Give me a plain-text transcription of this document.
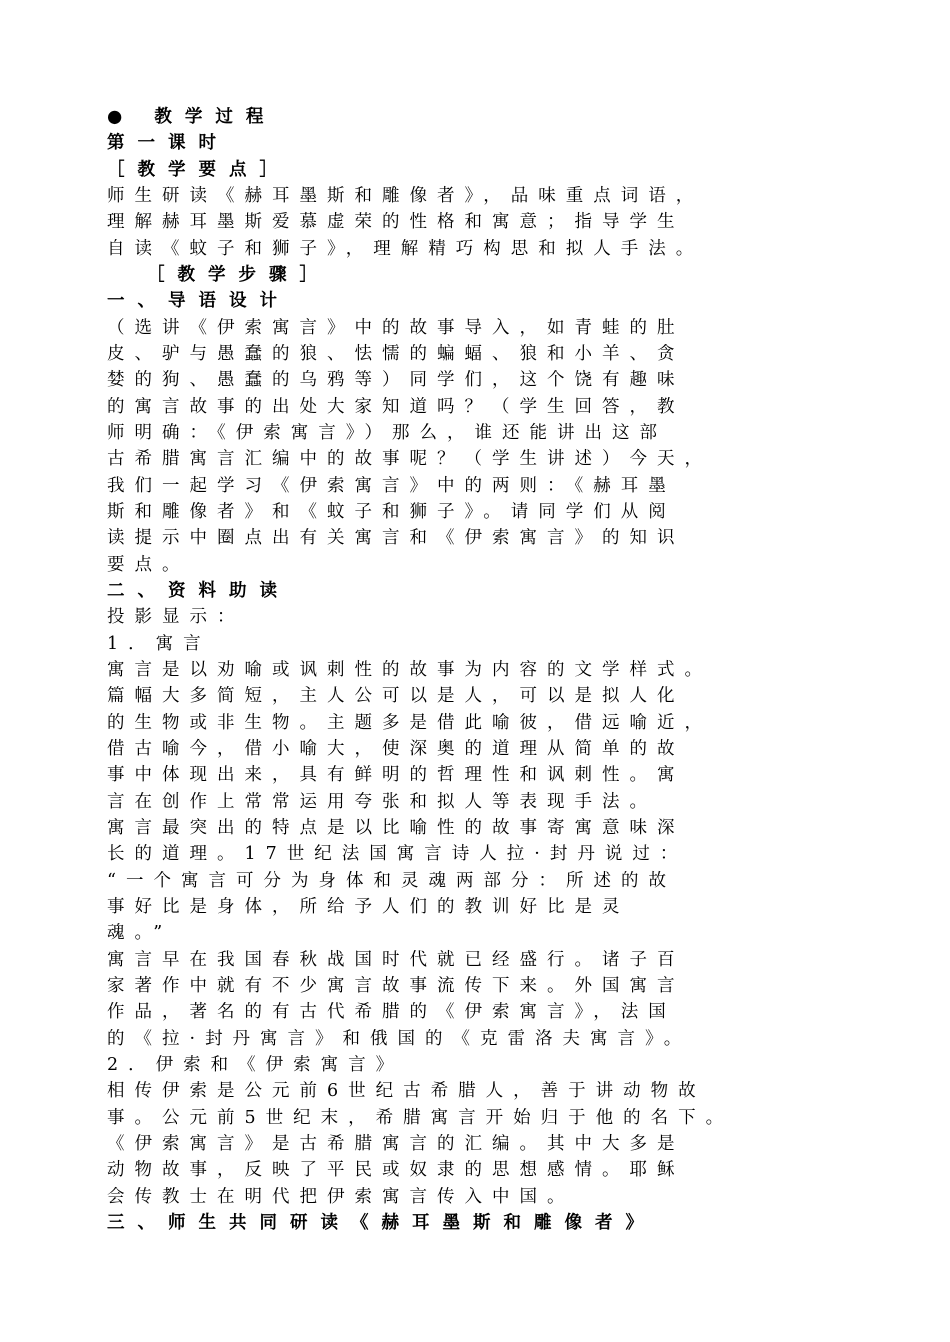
● 教学过程
第一课时
［教学要点］
师生研读《赫耳墨斯和雕像者》，品味重点词语，
理解赫耳墨斯爱慕虚荣的性格和寓意；指导学生
自读《蚊子和狮子》，理解精巧构思和拟人手法。
［教学步骤］
一、导语设计
（选讲《伊索寓言》中的故事导入，如青蛙的肚
皮、驴与愚蠢的狼、怯懦的蝙蝠、狼和小羊、贪
婪的狗、愚蠢的乌鸦等）同学们，这个饶有趣味
的寓言故事的出处大家知道吗？（学生回答，教
师明确：《伊索寓言》）那么，谁还能讲出这部
古希腊寓言汇编中的故事呢？（学生讲述）今天，
我们一起学习《伊索寓言》中的两则：《赫耳墨
斯和雕像者》和《蚊子和狮子》。请同学们从阅
读提示中圈点出有关寓言和《伊索寓言》的知识
要点。
二、资料助读
投影显示：
1．寓言
寓言是以劝喻或讽刺性的故事为内容的文学样式。
篇幅大多简短，主人公可以是人，可以是拟人化
的生物或非生物。主题多是借此喻彼，借远喻近，
借古喻今，借小喻大，使深奥的道理从简单的故
事中体现出来，具有鲜明的哲理性和讽刺性。寓
言在创作上常常运用夸张和拟人等表现手法。
寓言最突出的特点是以比喻性的故事寄寓意味深
长的道理。17世纪法国寓言诗人拉·封丹说过：
“一个寓言可分为身体和灵魂两部分：所述的故
事好比是身体，所给予人们的教训好比是灵
魂。”
寓言早在我国春秋战国时代就已经盛行。诸子百
家著作中就有不少寓言故事流传下来。外国寓言
作品，著名的有古代希腊的《伊索寓言》，法国
的《拉·封丹寓言》和俄国的《克雷洛夫寓言》。
2．伊索和《伊索寓言》
相传伊索是公元前6世纪古希腊人，善于讲动物故
事。公元前5世纪末，希腊寓言开始归于他的名下。
《伊索寓言》是古希腊寓言的汇编。其中大多是
动物故事，反映了平民或奴隶的思想感情。耶稣
会传教士在明代把伊索寓言传入中国。
三、师生共同研读《赫耳墨斯和雕像者》
